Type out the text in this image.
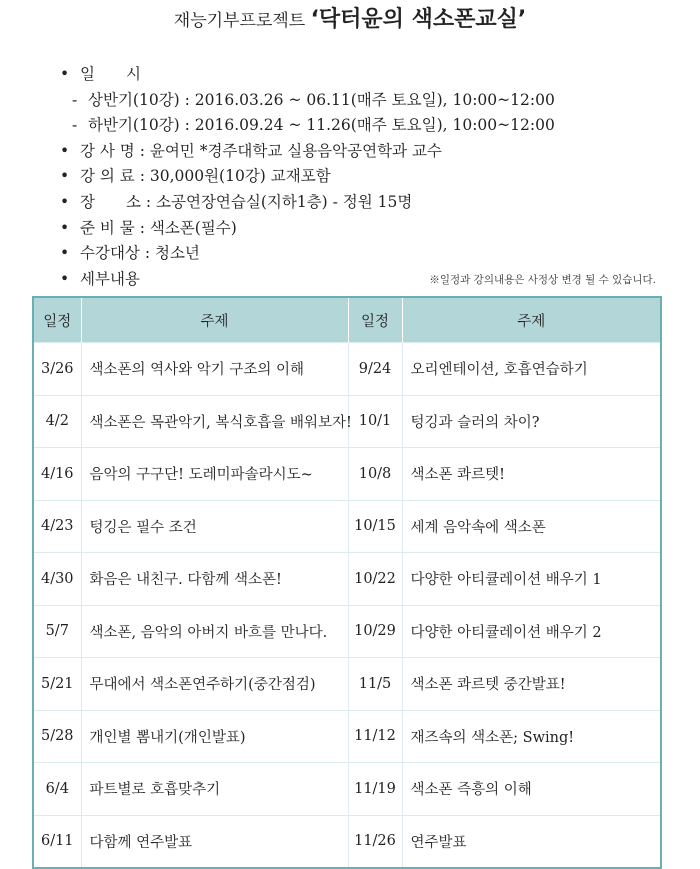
재능기부프로젝트 ‘닥터윤의 색소폰교실’
• 일　　시
- 상반기(10강) : 2016.03.26 ~ 06.11(매주 토요일), 10:00~12:00
- 하반기(10강) : 2016.09.24 ~ 11.26(매주 토요일), 10:00~12:00
• 강 사 명 : 윤여민 *경주대학교 실용음악공연학과 교수
• 강 의 료 : 30,000원(10강) 교재포함
• 장　　소 : 소공연장연습실(지하1층) - 정원 15명
• 준 비 물 : 색소폰(필수)
• 수강대상 : 청소년
• 세부내용	※일정과 강의내용은 사정상 변경 될 수 있습니다.
일정	주제	일정	주제
3/26	색소폰의 역사와 악기 구조의 이해	9/24	오리엔테이션, 호흡연습하기
4/2	색소폰은 목관악기, 복식호흡을 배워보자!	10/1	텅깅과 슬러의 차이?
4/16	음악의 구구단! 도레미파솔라시도~	10/8	색소폰 콰르텟!
4/23	텅깅은 필수 조건	10/15	세계 음악속에 색소폰
4/30	화음은 내친구. 다함께 색소폰!	10/22	다양한 아티큘레이션 배우기 1
5/7	색소폰, 음악의 아버지 바흐를 만나다.	10/29	다양한 아티큘레이션 배우기 2
5/21	무대에서 색소폰연주하기(중간점검)	11/5	색소폰 콰르텟 중간발표!
5/28	개인별 뽐내기(개인발표)	11/12	재즈속의 색소폰; Swing!
6/4	파트별로 호흡맞추기	11/19	색소폰 즉흥의 이해
6/11	다함께 연주발표	11/26	연주발표
